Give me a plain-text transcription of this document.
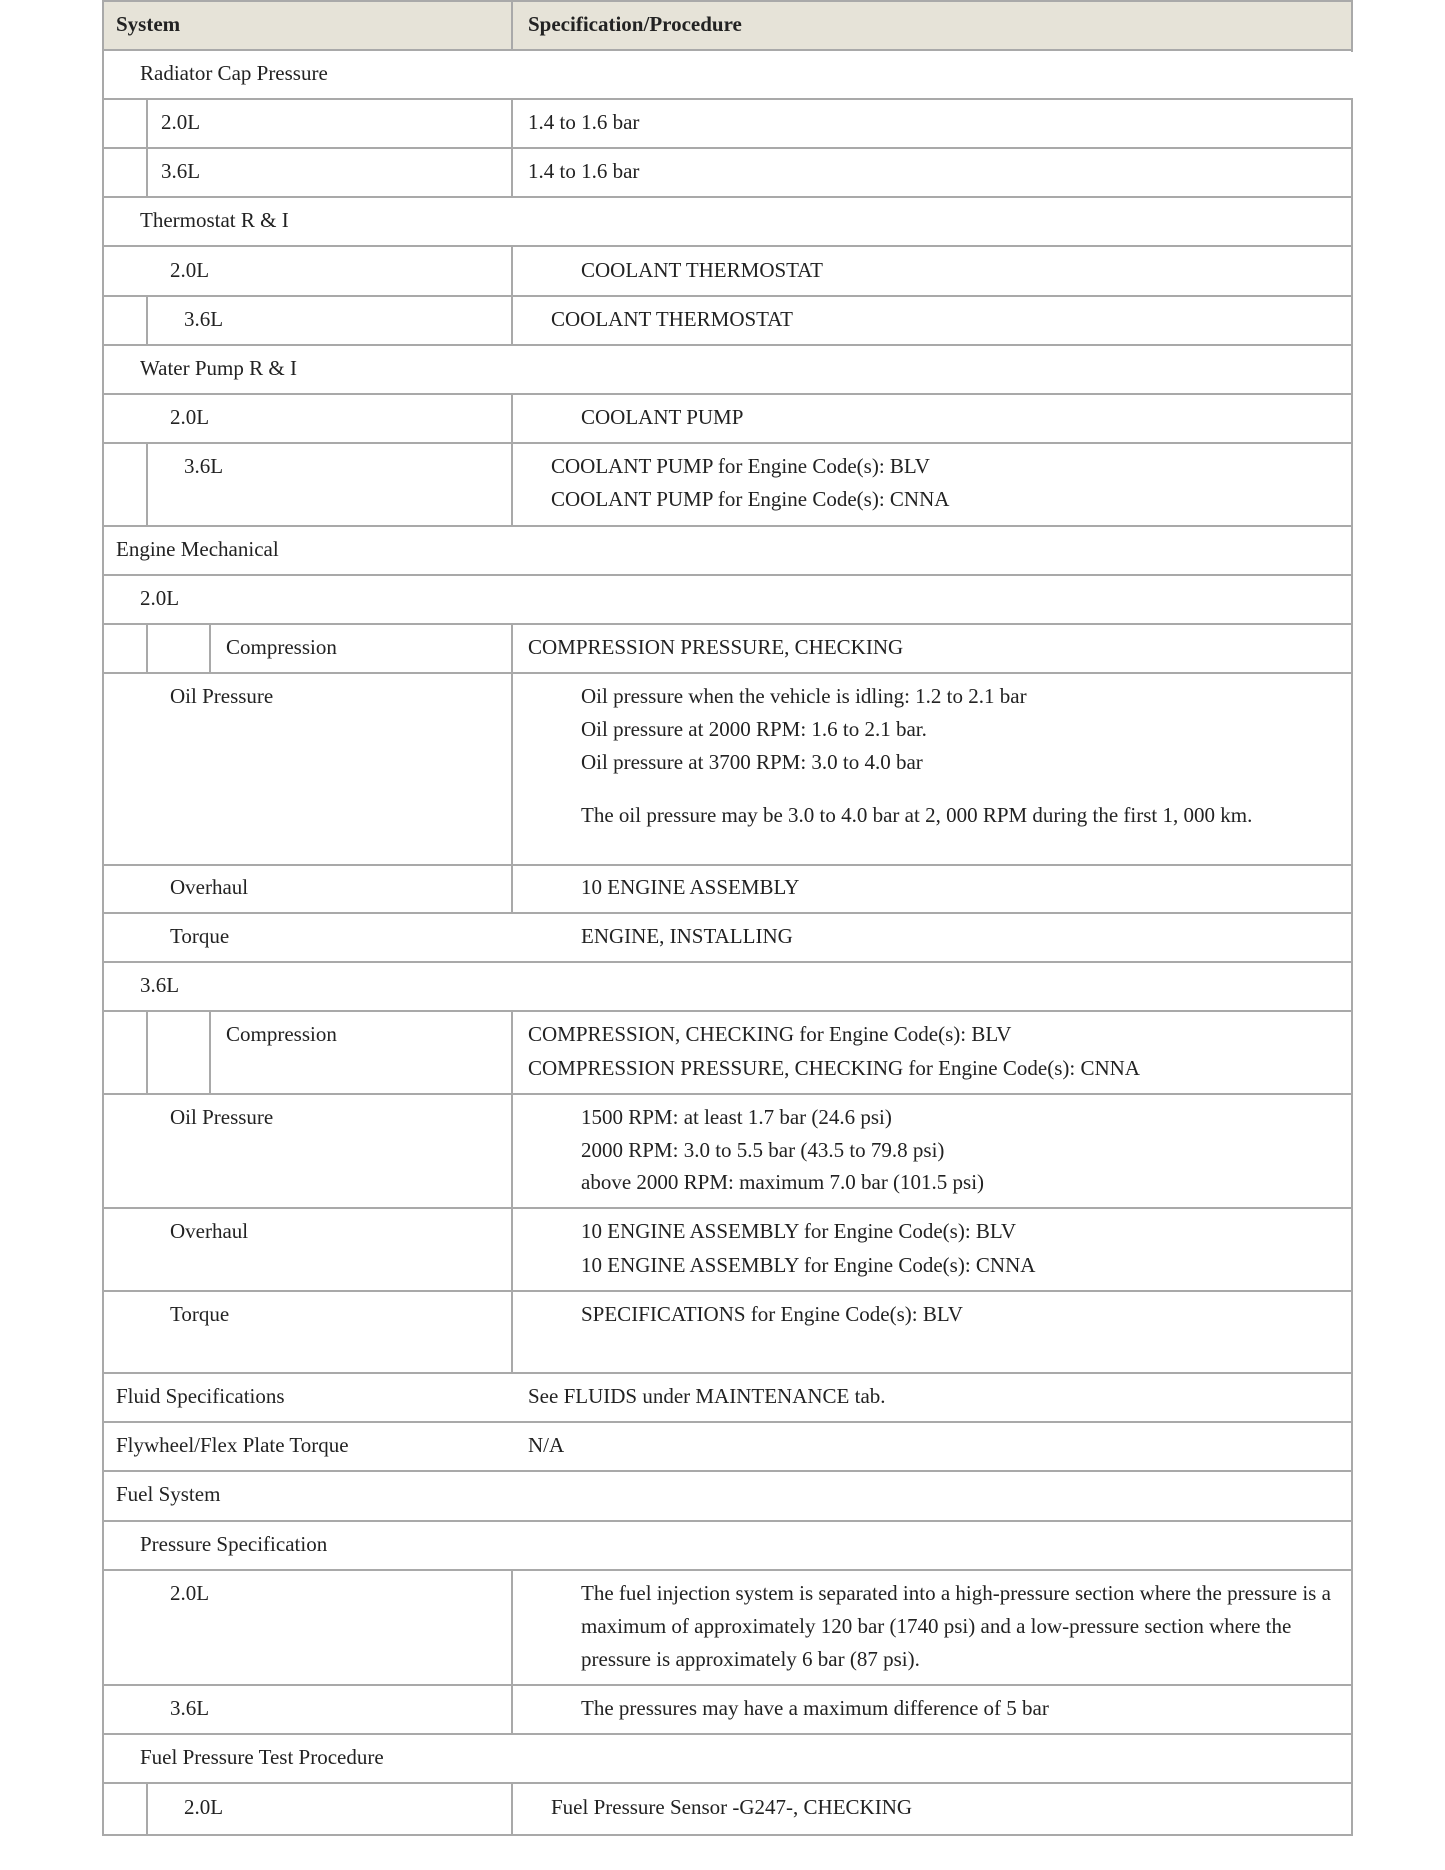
System	Specification/Procedure
Radiator Cap Pressure
2.0L	1.4 to 1.6 bar
3.6L	1.4 to 1.6 bar
Thermostat R & I
2.0L	COOLANT THERMOSTAT
3.6L	COOLANT THERMOSTAT
Water Pump R & I
2.0L	COOLANT PUMP
3.6L	COOLANT PUMP for Engine Code(s): BLV
COOLANT PUMP for Engine Code(s): CNNA
Engine Mechanical
2.0L
Compression	COMPRESSION PRESSURE, CHECKING
Oil Pressure	Oil pressure when the vehicle is idling: 1.2 to 2.1 bar
Oil pressure at 2000 RPM: 1.6 to 2.1 bar.
Oil pressure at 3700 RPM: 3.0 to 4.0 bar
The oil pressure may be 3.0 to 4.0 bar at 2, 000 RPM during the first 1, 000 km.
Overhaul	10 ENGINE ASSEMBLY
Torque	ENGINE, INSTALLING
3.6L
Compression	COMPRESSION, CHECKING for Engine Code(s): BLV
COMPRESSION PRESSURE, CHECKING for Engine Code(s): CNNA
Oil Pressure	1500 RPM: at least 1.7 bar (24.6 psi)
2000 RPM: 3.0 to 5.5 bar (43.5 to 79.8 psi)
above 2000 RPM: maximum 7.0 bar (101.5 psi)
Overhaul	10 ENGINE ASSEMBLY for Engine Code(s): BLV
10 ENGINE ASSEMBLY for Engine Code(s): CNNA
Torque	SPECIFICATIONS for Engine Code(s): BLV
Fluid Specifications	See FLUIDS under MAINTENANCE tab.
Flywheel/Flex Plate Torque	N/A
Fuel System
Pressure Specification
2.0L	The fuel injection system is separated into a high-pressure section where the pressure is a maximum of approximately 120 bar (1740 psi) and a low-pressure section where the pressure is approximately 6 bar (87 psi).
3.6L	The pressures may have a maximum difference of 5 bar
Fuel Pressure Test Procedure
2.0L	Fuel Pressure Sensor -G247-, CHECKING
